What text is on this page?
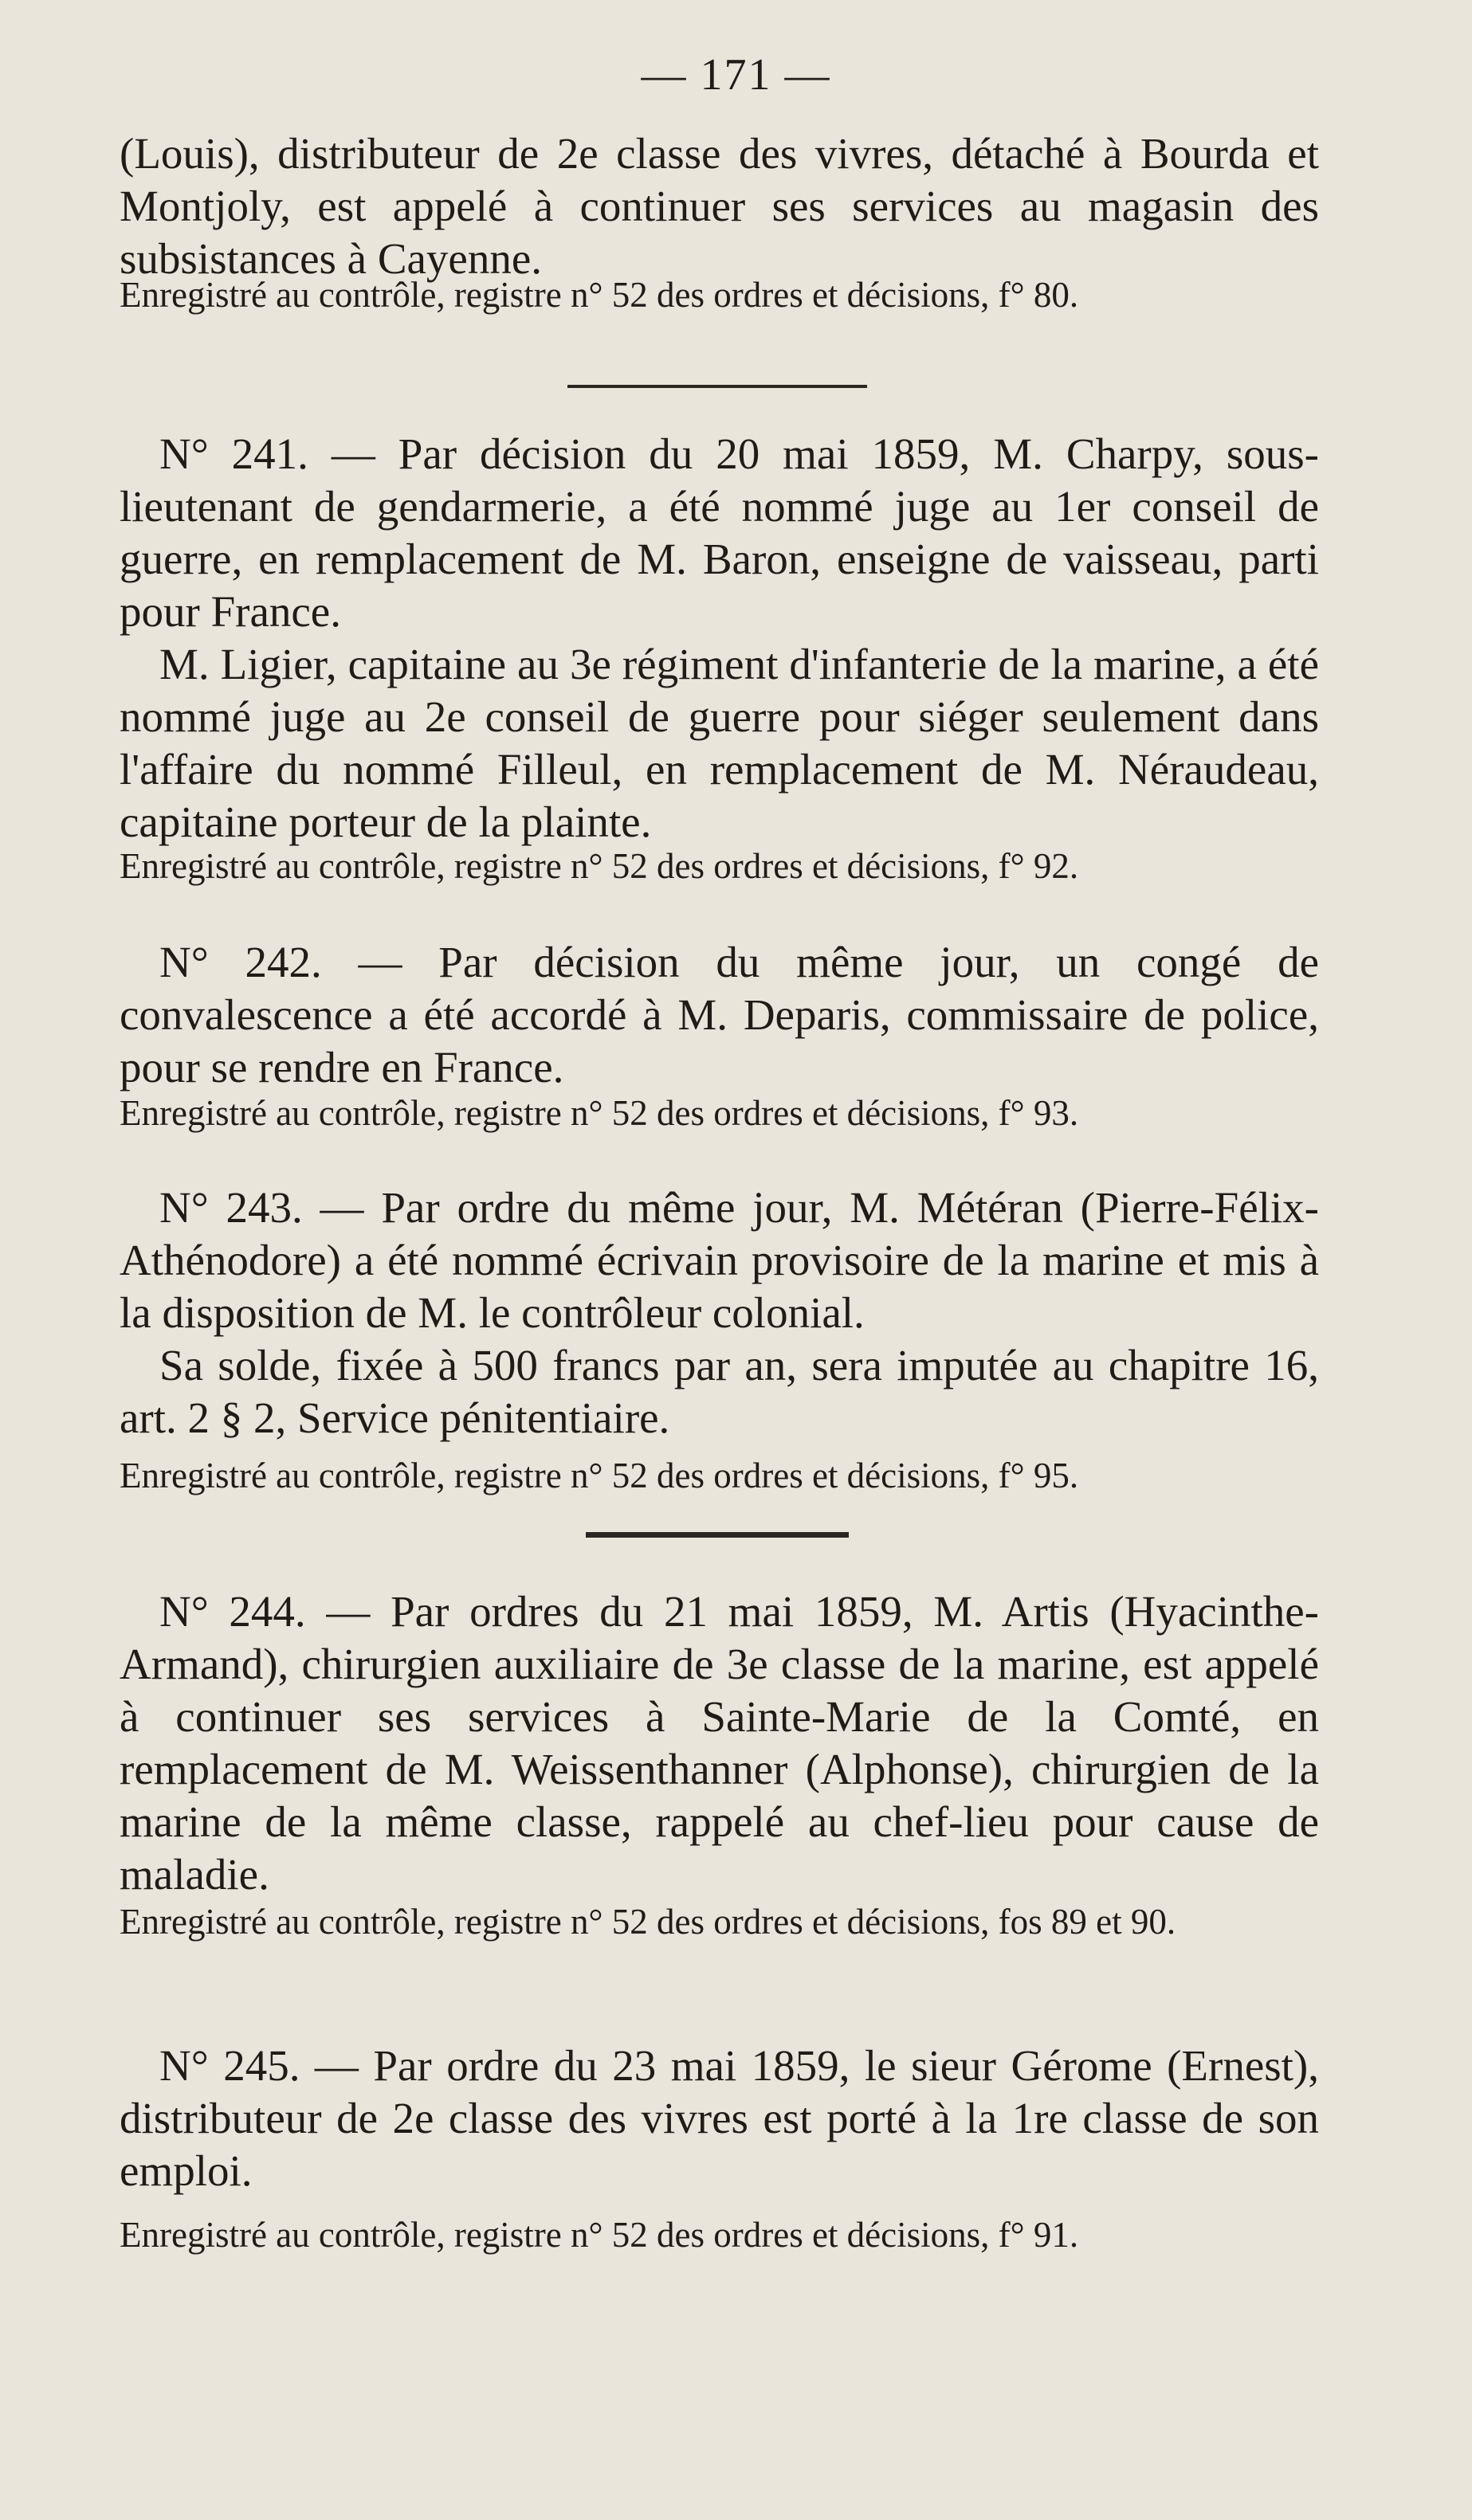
— 171 —

(Louis), distributeur de 2e classe des vivres, détaché à Bourda et Montjoly, est appelé à continuer ses services au magasin des subsistances à Cayenne.

Enregistré au contrôle, registre n° 52 des ordres et décisions, f° 80.

N° 241. — Par décision du 20 mai 1859, M. Charpy, sous-lieutenant de gendarmerie, a été nommé juge au 1er conseil de guerre, en remplacement de M. Baron, enseigne de vaisseau, parti pour France.

M. Ligier, capitaine au 3e régiment d'infanterie de la marine, a été nommé juge au 2e conseil de guerre pour siéger seulement dans l'affaire du nommé Filleul, en remplacement de M. Néraudeau, capitaine porteur de la plainte.

Enregistré au contrôle, registre n° 52 des ordres et décisions, f° 92.

N° 242. — Par décision du même jour, un congé de convalescence a été accordé à M. Deparis, commissaire de police, pour se rendre en France.

Enregistré au contrôle, registre n° 52 des ordres et décisions, f° 93.

N° 243. — Par ordre du même jour, M. Météran (Pierre-Félix-Athénodore) a été nommé écrivain provisoire de la marine et mis à la disposition de M. le contrôleur colonial.

Sa solde, fixée à 500 francs par an, sera imputée au chapitre 16, art. 2 § 2, Service pénitentiaire.

Enregistré au contrôle, registre n° 52 des ordres et décisions, f° 95.

N° 244. — Par ordres du 21 mai 1859, M. Artis (Hyacinthe-Armand), chirurgien auxiliaire de 3e classe de la marine, est appelé à continuer ses services à Sainte-Marie de la Comté, en remplacement de M. Weissenthanner (Alphonse), chirurgien de la marine de la même classe, rappelé au chef-lieu pour cause de maladie.

Enregistré au contrôle, registre n° 52 des ordres et décisions, fos 89 et 90.

N° 245. — Par ordre du 23 mai 1859, le sieur Gérome (Ernest), distributeur de 2e classe des vivres est porté à la 1re classe de son emploi.

Enregistré au contrôle, registre n° 52 des ordres et décisions, f° 91.
